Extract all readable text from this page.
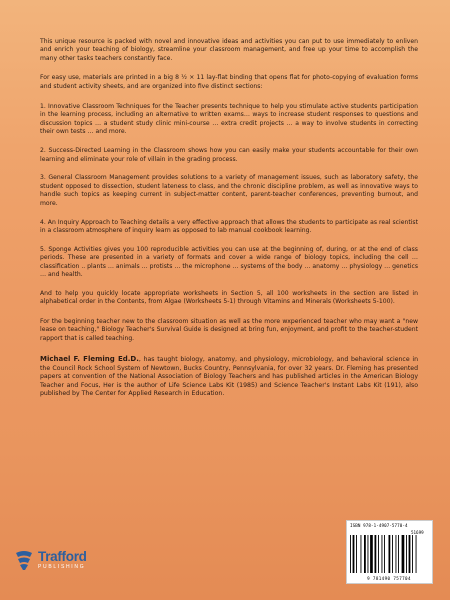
This unique resource is packed with novel and innovative ideas and activities you can put to use immediately to enliven and enrich your teaching of biology, streamline your classroom management, and free up your time to accomplish the many other tasks teachers constantly face.

For easy use, materials are printed in a big 8 ½ × 11 lay-flat binding that opens flat for photo-copying of evaluation forms and student activity sheets, and are organized into five distinct sections:

1. Innovative Classroom Techniques for the Teacher presents technique to help you stimulate active students participation in the learning process, including an alternative to written exams… ways to increase student responses to questions and discussion topics … a student study clinic mini-course … extra credit projects … a way to involve students in correcting their own tests … and more.

2. Success-Directed Learning in the Classroom shows how you can easily make your students accountable for their own learning and eliminate your role of villain in the grading process.

3. General Classroom Management provides solutions to a variety of management issues, such as laboratory safety, the student opposed to dissection, student lateness to class, and the chronic discipline problem, as well as innovative ways to handle such topics as keeping current in subject-matter content, parent-teacher conferences, preventing burnout, and more.

4. An Inquiry Approach to Teaching details a very effective approach that allows the students to participate as real scientist in a classroom atmosphere of inquiry learn as opposed to lab manual cookbook learning.

5. Sponge Activities gives you 100 reproducible activities you can use at the beginning of, during, or at the end of class periods. These are presented in a variety of formats and cover a wide range of biology topics, including the cell … classification .. plants … animals … protists … the microphone … systems of the body … anatomy … physiology … genetics … and health.

And to help you quickly locate appropriate worksheets in Section 5, all 100 worksheets in the section are listed in alphabetical order in the Contents, from Algae (Worksheets 5-1) through Vitamins and Minerals (Worksheets 5-100).

For the beginning teacher new to the classroom situation as well as the more wxperienced teacher who may want a "new lease on teaching," Biology Teacher's Survival Guide is designed at bring fun, enjoyment, and profit to the teacher-student rapport that is called teaching.

Michael F. Fleming Ed.D., has taught biology, anatomy, and physiology, microbiology, and behavioral science in the Council Rock School System of Newtown, Bucks Country, Pennsylvania, for over 32 years. Dr. Fleming has presented papers at convention of the National Association of Biology Teachers and has published articles in the American Biology Teacher and Focus, Her is the author of Life Science Labs Kit (1985) and Science Teacher's Instant Labs Kit (191), also published by The Center for Applied Research in Education.

ISBN 978-1-4907-5770-4
51699
9 781490 757704
Trafford
PUBLISHING
